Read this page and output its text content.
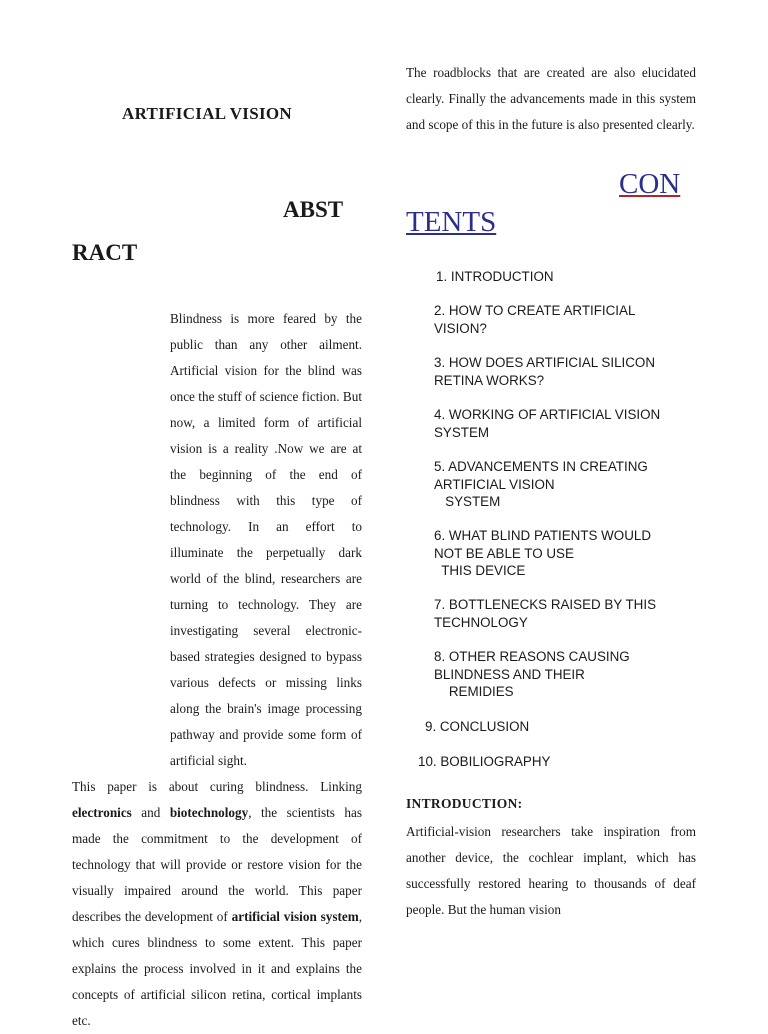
ARTIFICIAL VISION
ABST
RACT

Blindness is more feared by the public than any other ailment. Artificial vision for the blind was once the stuff of science fiction. But now, a limited form of artificial vision is a reality .Now we are at the beginning of the end of blindness with this type of technology. In an effort to illuminate the perpetually dark world of the blind, researchers are turning to technology. They are investigating several electronic-based strategies designed to bypass various defects or missing links along the brain's image processing pathway and provide some form of artificial sight.

This paper is about curing blindness. Linking electronics and biotechnology, the scientists has made the commitment to the development of technology that will provide or restore vision for the visually impaired around the world. This paper describes the development of artificial vision system, which cures blindness to some extent. This paper explains the process involved in it and explains the concepts of artificial silicon retina, cortical implants etc.

The roadblocks that are created are also elucidated clearly. Finally the advancements made in this system and scope of this in the future is also presented clearly.
CON
TENTS
1. INTRODUCTION
2. HOW TO CREATE ARTIFICIAL
VISION?
3. HOW DOES ARTIFICIAL SILICON
RETINA WORKS?
4. WORKING OF ARTIFICIAL VISION
SYSTEM
5. ADVANCEMENTS IN CREATING
ARTIFICIAL VISION
SYSTEM
6. WHAT BLIND PATIENTS WOULD
NOT BE ABLE TO USE
THIS DEVICE
7. BOTTLENECKS RAISED BY THIS
TECHNOLOGY
8. OTHER REASONS CAUSING
BLINDNESS AND THEIR
REMIDIES
9. CONCLUSION
10. BOBILIOGRAPHY
INTRODUCTION:
Artificial-vision researchers take inspiration from another device, the cochlear implant, which has successfully restored hearing to thousands of deaf people. But the human vision
